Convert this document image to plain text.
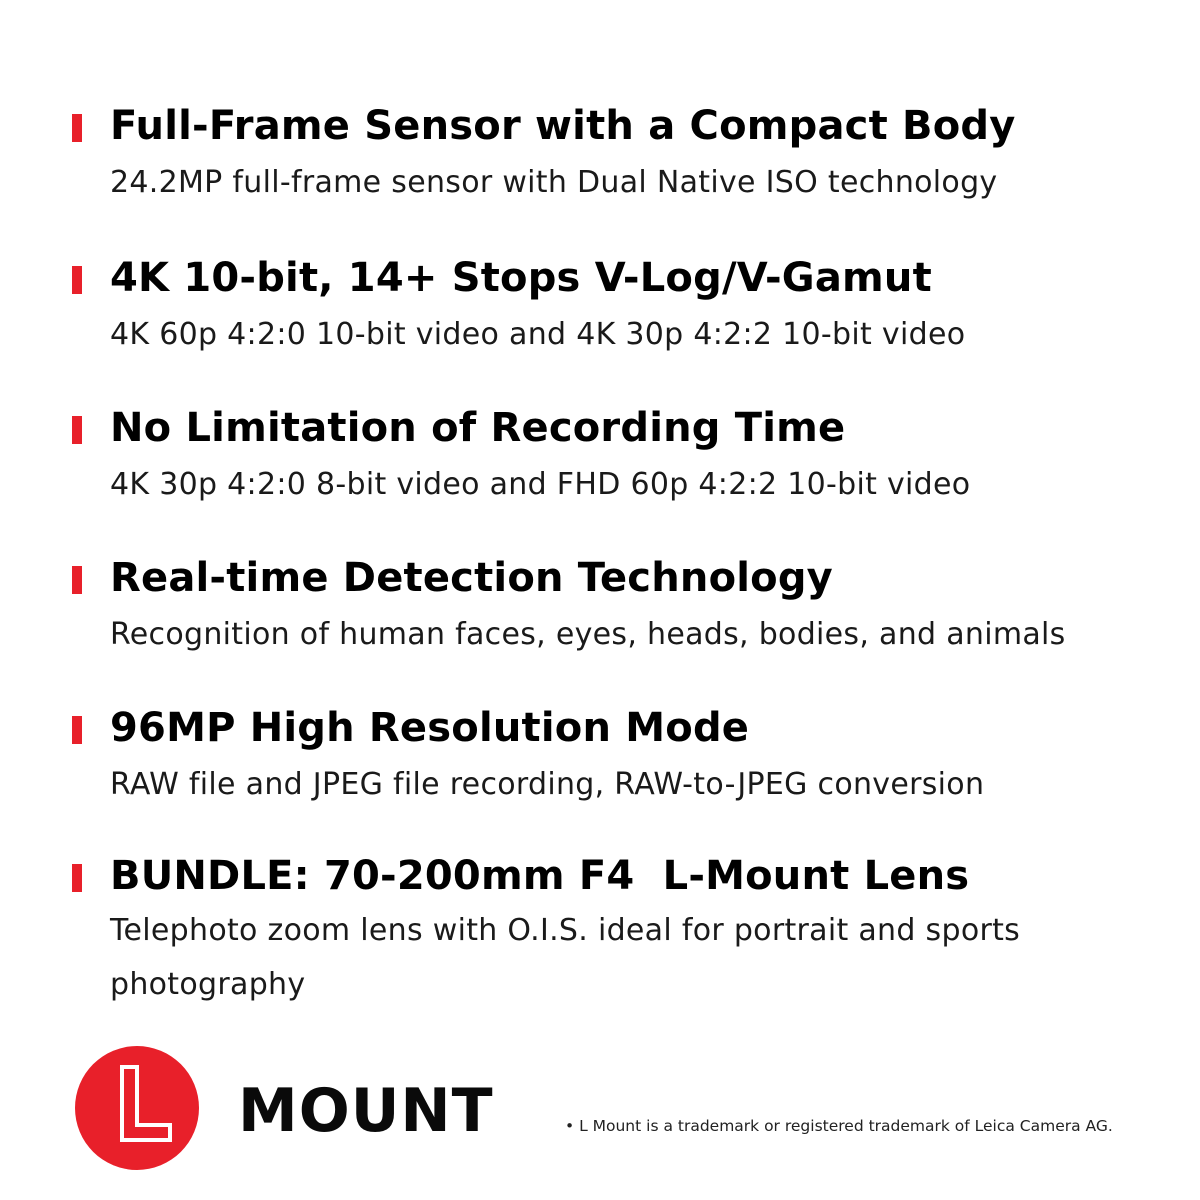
Full-Frame Sensor with a Compact Body
24.2MP full-frame sensor with Dual Native ISO technology
4K 10-bit, 14+ Stops V-Log/V-Gamut
4K 60p 4:2:0 10-bit video and 4K 30p 4:2:2 10-bit video
No Limitation of Recording Time
4K 30p 4:2:0 8-bit video and FHD 60p 4:2:2 10-bit video
Real-time Detection Technology
Recognition of human faces, eyes, heads, bodies, and animals
96MP High Resolution Mode
RAW file and JPEG file recording, RAW-to-JPEG conversion
BUNDLE: 70-200mm F4  L-Mount Lens
Telephoto zoom lens with O.I.S. ideal for portrait and sports photography
MOUNT	• L Mount is a trademark or registered trademark of Leica Camera AG.
